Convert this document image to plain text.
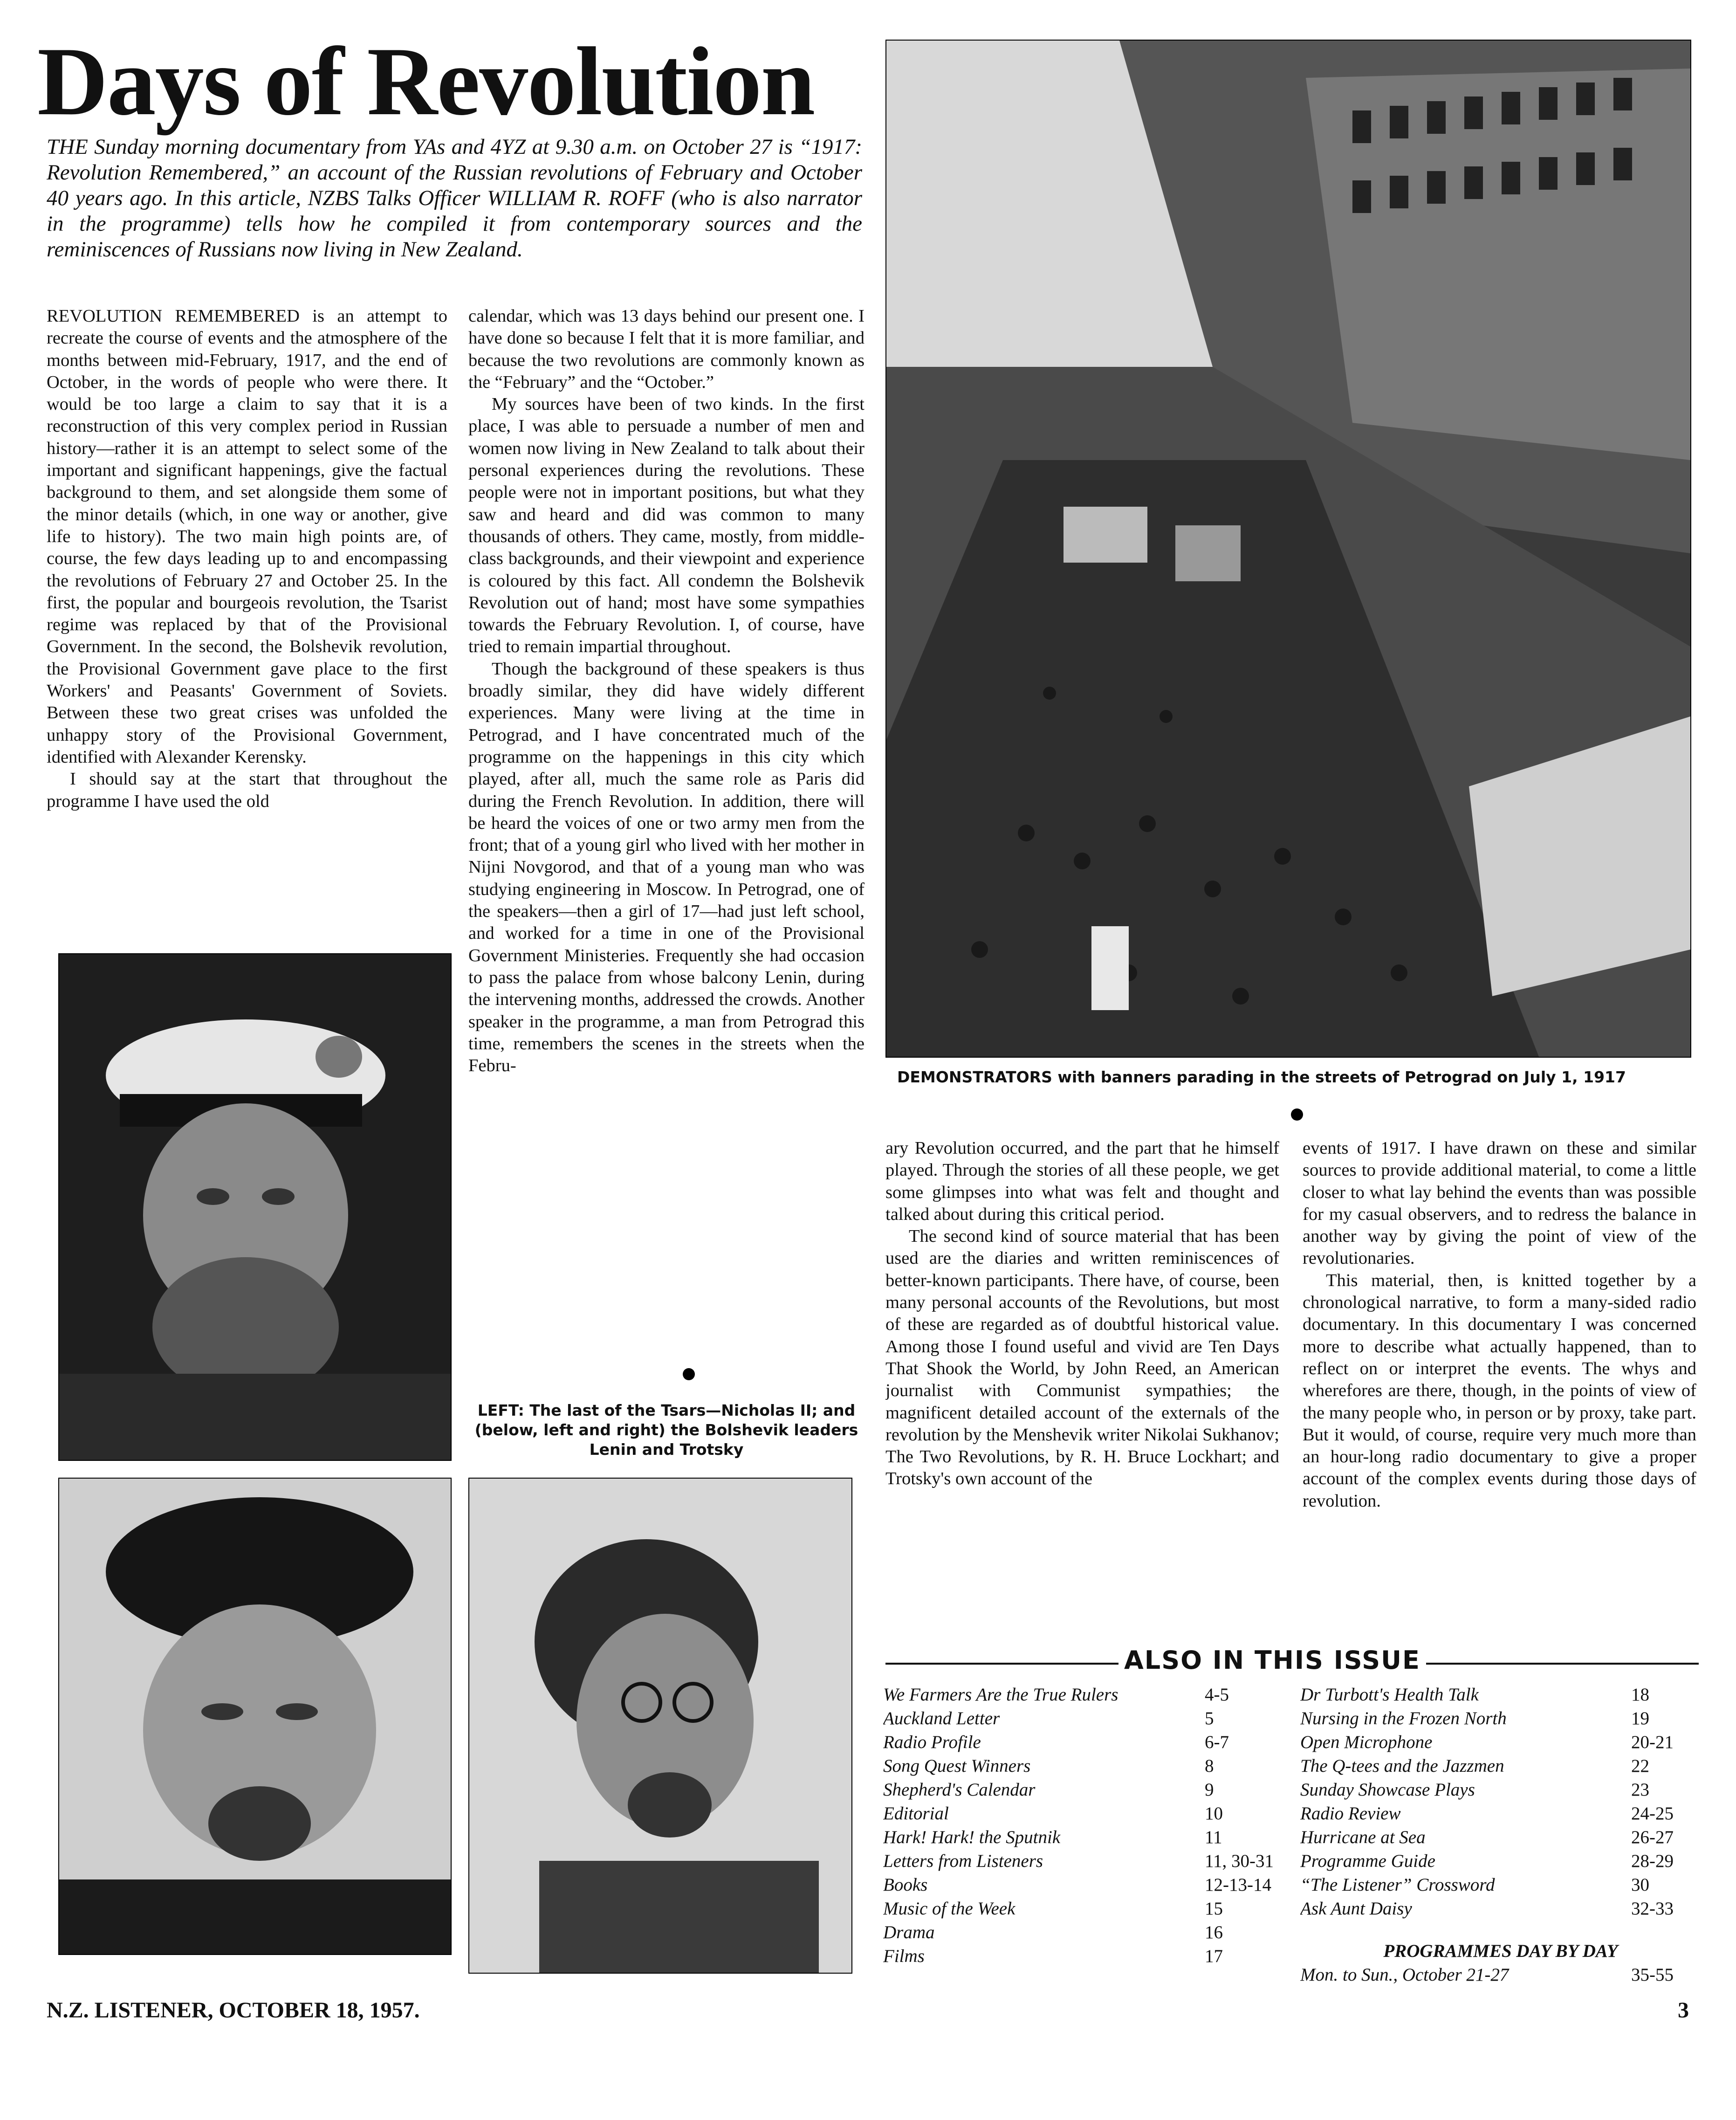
Days of Revolution
THE Sunday morning documentary from YAs and 4YZ at 9.30 a.m. on October 27 is “1917: Revolution Remembered,” an account of the Russian revolutions of February and October 40 years ago. In this article, NZBS Talks Officer WILLIAM R. ROFF (who is also narrator in the programme) tells how he compiled it from contemporary sources and the reminiscences of Russians now living in New Zealand.

REVOLUTION REMEMBERED is an attempt to recreate the course of events and the atmosphere of the months between mid-February, 1917, and the end of October, in the words of people who were there. It would be too large a claim to say that it is a reconstruction of this very complex period in Russian history—rather it is an attempt to select some of the important and significant happenings, give the factual background to them, and set alongside them some of the minor details (which, in one way or another, give life to history). The two main high points are, of course, the few days leading up to and encompassing the revolutions of February 27 and October 25. In the first, the popular and bourgeois revolution, the Tsarist regime was replaced by that of the Provisional Government. In the second, the Bolshevik revolution, the Provisional Government gave place to the first Workers' and Peasants' Government of Soviets. Between these two great crises was unfolded the unhappy story of the Provisional Government, identified with Alexander Kerensky.

I should say at the start that throughout the programme I have used the old

calendar, which was 13 days behind our present one. I have done so because I felt that it is more familiar, and because the two revolutions are commonly known as the “February” and the “October.”

My sources have been of two kinds. In the first place, I was able to persuade a number of men and women now living in New Zealand to talk about their personal experiences during the revolutions. These people were not in important positions, but what they saw and heard and did was common to many thousands of others. They came, mostly, from middle-class backgrounds, and their viewpoint and experience is coloured by this fact. All condemn the Bolshevik Revolution out of hand; most have some sympathies towards the February Revolution. I, of course, have tried to remain impartial throughout.

Though the background of these speakers is thus broadly similar, they did have widely different experiences. Many were living at the time in Petrograd, and I have concentrated much of the programme on the happenings in this city which played, after all, much the same role as Paris did during the French Revolution. In addition, there will be heard the voices of one or two army men from the front; that of a young girl who lived with her mother in Nijni Novgorod, and that of a young man who was studying engineering in Moscow. In Petrograd, one of the speakers—then a girl of 17—had just left school, and worked for a time in one of the Provisional Government Ministeries. Frequently she had occasion to pass the palace from whose balcony Lenin, during the intervening months, addressed the crowds. Another speaker in the programme, a man from Petrograd this time, remembers the scenes in the streets when the Febru-

DEMONSTRATORS with banners parading in the streets of Petrograd on July 1, 1917

ary Revolution occurred, and the part that he himself played. Through the stories of all these people, we get some glimpses into what was felt and thought and talked about during this critical period.

The second kind of source material that has been used are the diaries and written reminiscences of better-known participants. There have, of course, been many personal accounts of the Revolutions, but most of these are regarded as of doubtful historical value. Among those I found useful and vivid are Ten Days That Shook the World, by John Reed, an American journalist with Communist sympathies; the magnificent detailed account of the externals of the revolution by the Menshevik writer Nikolai Sukhanov; The Two Revolutions, by R. H. Bruce Lockhart; and Trotsky's own account of the

events of 1917. I have drawn on these and similar sources to provide additional material, to come a little closer to what lay behind the events than was possible for my casual observers, and to redress the balance in another way by giving the point of view of the revolutionaries.

This material, then, is knitted together by a chronological narrative, to form a many-sided radio documentary. In this documentary I was concerned more to describe what actually happened, than to reflect on or interpret the events. The whys and wherefores are there, though, in the points of view of the many people who, in person or by proxy, take part. But it would, of course, require very much more than an hour-long radio documentary to give a proper account of the complex events during those days of revolution.

LEFT: The last of the Tsars—Nicholas II; and (below, left and right) the Bolshevik leaders Lenin and Trotsky
ALSO IN THIS ISSUE
We Farmers Are the True Rulers	4-5
Auckland Letter	5
Radio Profile	6-7
Song Quest Winners	8
Shepherd's Calendar	9
Editorial	10
Hark! Hark! the Sputnik	11
Letters from Listeners	11, 30-31
Books	12-13-14
Music of the Week	15
Drama	16
Films	17
Dr Turbott's Health Talk	18
Nursing in the Frozen North	19
Open Microphone	20-21
The Q-tees and the Jazzmen	22
Sunday Showcase Plays	23
Radio Review	24-25
Hurricane at Sea	26-27
Programme Guide	28-29
“The Listener” Crossword	30
Ask Aunt Daisy	32-33
PROGRAMMES DAY BY DAY
Mon. to Sun., October 21-27	35-55
N.Z. LISTENER, OCTOBER 18, 1957.	3
